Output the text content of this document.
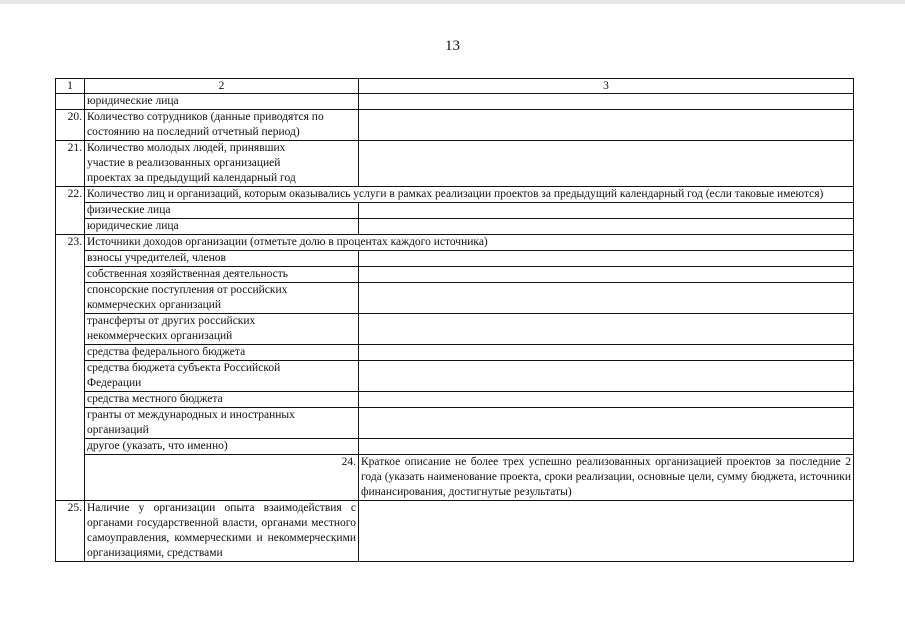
13
1	2	3	
	юридические лица		
20.	Количество сотрудников (данные приводятся по состоянию на последний отчетный период)		
21.	Количество молодых людей, принявших участие в реализованных организацией проектах за предыдущий календарный год		
22.	Количество лиц и организаций, которым оказывались услуги в рамках реализации проектов за предыдущий календарный год (если таковые имеются)		
	физические лица		
	юридические лица		
23.	Источники доходов организации (отметьте долю в процентах каждого источника)		
	взносы учредителей, членов		
	собственная хозяйственная деятельность		
	спонсорские поступления от российских коммерческих организаций		
	трансферты от других российских некоммерческих организаций		
	средства федерального бюджета		
	средства бюджета субъекта Российской Федерации		
	средства местного бюджета		
	гранты от международных и иностранных организаций		
	другое (указать, что именно)		
	24.	Краткое описание не более трех успешно реализованных организацией проектов за последние 2 года (указать наименование проекта, сроки реализации, основные цели, сумму бюджета, источники финансирования, достигнутые результаты)	
25.	Наличие у организации опыта взаимодействия с органами государственной власти, органами местного самоуправления, коммерческими и некоммерческими организациями, средствами		
